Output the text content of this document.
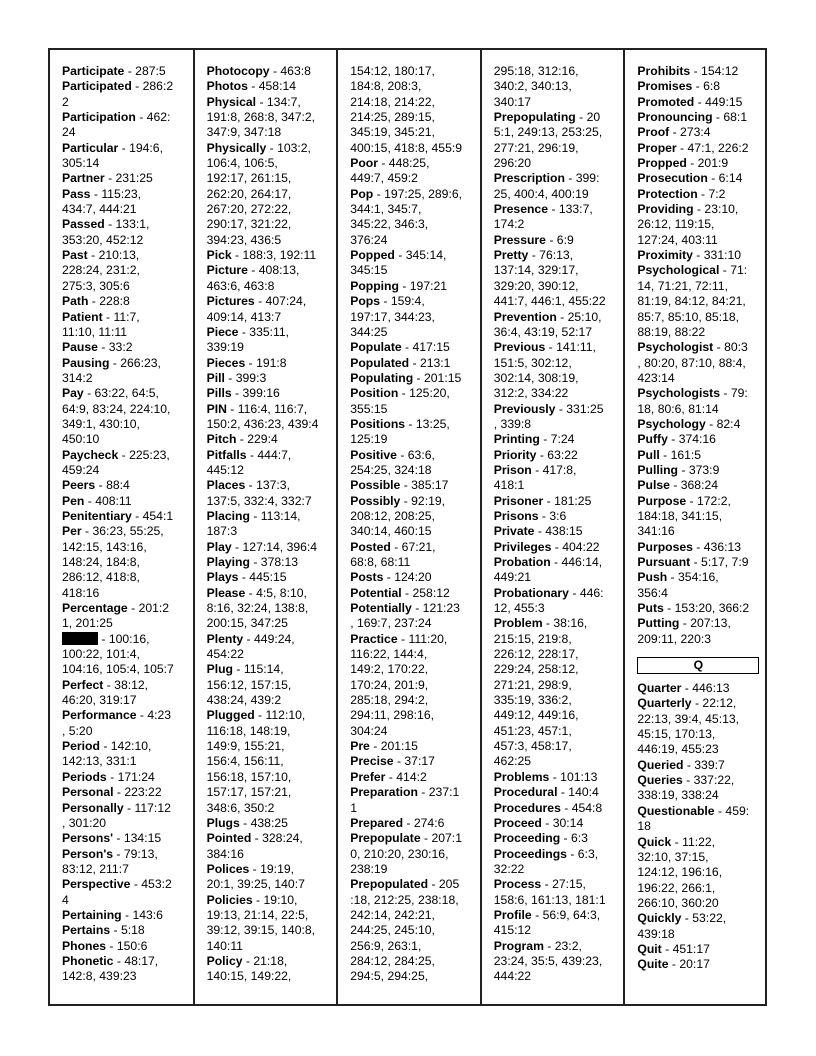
Participate - 287:5
Participated - 286:2
2
Participation - 462:
24
Particular - 194:6,
305:14
Partner - 231:25
Pass - 115:23,
434:7, 444:21
Passed - 133:1,
353:20, 452:12
Past - 210:13,
228:24, 231:2,
275:3, 305:6
Path - 228:8
Patient - 11:7,
11:10, 11:11
Pause - 33:2
Pausing - 266:23,
314:2
Pay - 63:22, 64:5,
64:9, 83:24, 224:10,
349:1, 430:10,
450:10
Paycheck - 225:23,
459:24
Peers - 88:4
Pen - 408:11
Penitentiary - 454:1
Per - 36:23, 55:25,
142:15, 143:16,
148:24, 184:8,
286:12, 418:8,
418:16
Percentage - 201:2
1, 201:25
- 100:16,
100:22, 101:4,
104:16, 105:4, 105:7
Perfect - 38:12,
46:20, 319:17
Performance - 4:23
, 5:20
Period - 142:10,
142:13, 331:1
Periods - 171:24
Personal - 223:22
Personally - 117:12
, 301:20
Persons' - 134:15
Person's - 79:13,
83:12, 211:7
Perspective - 453:2
4
Pertaining - 143:6
Pertains - 5:18
Phones - 150:6
Phonetic - 48:17,
142:8, 439:23
Photocopy - 463:8
Photos - 458:14
Physical - 134:7,
191:8, 268:8, 347:2,
347:9, 347:18
Physically - 103:2,
106:4, 106:5,
192:17, 261:15,
262:20, 264:17,
267:20, 272:22,
290:17, 321:22,
394:23, 436:5
Pick - 188:3, 192:11
Picture - 408:13,
463:6, 463:8
Pictures - 407:24,
409:14, 413:7
Piece - 335:11,
339:19
Pieces - 191:8
Pill - 399:3
Pills - 399:16
PIN - 116:4, 116:7,
150:2, 436:23, 439:4
Pitch - 229:4
Pitfalls - 444:7,
445:12
Places - 137:3,
137:5, 332:4, 332:7
Placing - 113:14,
187:3
Play - 127:14, 396:4
Playing - 378:13
Plays - 445:15
Please - 4:5, 8:10,
8:16, 32:24, 138:8,
200:15, 347:25
Plenty - 449:24,
454:22
Plug - 115:14,
156:12, 157:15,
438:24, 439:2
Plugged - 112:10,
116:18, 148:19,
149:9, 155:21,
156:4, 156:11,
156:18, 157:10,
157:17, 157:21,
348:6, 350:2
Plugs - 438:25
Pointed - 328:24,
384:16
Polices - 19:19,
20:1, 39:25, 140:7
Policies - 19:10,
19:13, 21:14, 22:5,
39:12, 39:15, 140:8,
140:11
Policy - 21:18,
140:15, 149:22,
154:12, 180:17,
184:8, 208:3,
214:18, 214:22,
214:25, 289:15,
345:19, 345:21,
400:15, 418:8, 455:9
Poor - 448:25,
449:7, 459:2
Pop - 197:25, 289:6,
344:1, 345:7,
345:22, 346:3,
376:24
Popped - 345:14,
345:15
Popping - 197:21
Pops - 159:4,
197:17, 344:23,
344:25
Populate - 417:15
Populated - 213:1
Populating - 201:15
Position - 125:20,
355:15
Positions - 13:25,
125:19
Positive - 63:6,
254:25, 324:18
Possible - 385:17
Possibly - 92:19,
208:12, 208:25,
340:14, 460:15
Posted - 67:21,
68:8, 68:11
Posts - 124:20
Potential - 258:12
Potentially - 121:23
, 169:7, 237:24
Practice - 111:20,
116:22, 144:4,
149:2, 170:22,
170:24, 201:9,
285:18, 294:2,
294:11, 298:16,
304:24
Pre - 201:15
Precise - 37:17
Prefer - 414:2
Preparation - 237:1
1
Prepared - 274:6
Prepopulate - 207:1
0, 210:20, 230:16,
238:19
Prepopulated - 205
:18, 212:25, 238:18,
242:14, 242:21,
244:25, 245:10,
256:9, 263:1,
284:12, 284:25,
294:5, 294:25,
295:18, 312:16,
340:2, 340:13,
340:17
Prepopulating - 20
5:1, 249:13, 253:25,
277:21, 296:19,
296:20
Prescription - 399:
25, 400:4, 400:19
Presence - 133:7,
174:2
Pressure - 6:9
Pretty - 76:13,
137:14, 329:17,
329:20, 390:12,
441:7, 446:1, 455:22
Prevention - 25:10,
36:4, 43:19, 52:17
Previous - 141:11,
151:5, 302:12,
302:14, 308:19,
312:2, 334:22
Previously - 331:25
, 339:8
Printing - 7:24
Priority - 63:22
Prison - 417:8,
418:1
Prisoner - 181:25
Prisons - 3:6
Private - 438:15
Privileges - 404:22
Probation - 446:14,
449:21
Probationary - 446:
12, 455:3
Problem - 38:16,
215:15, 219:8,
226:12, 228:17,
229:24, 258:12,
271:21, 298:9,
335:19, 336:2,
449:12, 449:16,
451:23, 457:1,
457:3, 458:17,
462:25
Problems - 101:13
Procedural - 140:4
Procedures - 454:8
Proceed - 30:14
Proceeding - 6:3
Proceedings - 6:3,
32:22
Process - 27:15,
158:6, 161:13, 181:1
Profile - 56:9, 64:3,
415:12
Program - 23:2,
23:24, 35:5, 439:23,
444:22
Prohibits - 154:12
Promises - 6:8
Promoted - 449:15
Pronouncing - 68:1
Proof - 273:4
Proper - 47:1, 226:2
Propped - 201:9
Prosecution - 6:14
Protection - 7:2
Providing - 23:10,
26:12, 119:15,
127:24, 403:11
Proximity - 331:10
Psychological - 71:
14, 71:21, 72:11,
81:19, 84:12, 84:21,
85:7, 85:10, 85:18,
88:19, 88:22
Psychologist - 80:3
, 80:20, 87:10, 88:4,
423:14
Psychologists - 79:
18, 80:6, 81:14
Psychology - 82:4
Puffy - 374:16
Pull - 161:5
Pulling - 373:9
Pulse - 368:24
Purpose - 172:2,
184:18, 341:15,
341:16
Purposes - 436:13
Pursuant - 5:17, 7:9
Push - 354:16,
356:4
Puts - 153:20, 366:2
Putting - 207:13,
209:11, 220:3
Q
Quarter - 446:13
Quarterly - 22:12,
22:13, 39:4, 45:13,
45:15, 170:13,
446:19, 455:23
Queried - 339:7
Queries - 337:22,
338:19, 338:24
Questionable - 459:
18
Quick - 11:22,
32:10, 37:15,
124:12, 196:16,
196:22, 266:1,
266:10, 360:20
Quickly - 53:22,
439:18
Quit - 451:17
Quite - 20:17
